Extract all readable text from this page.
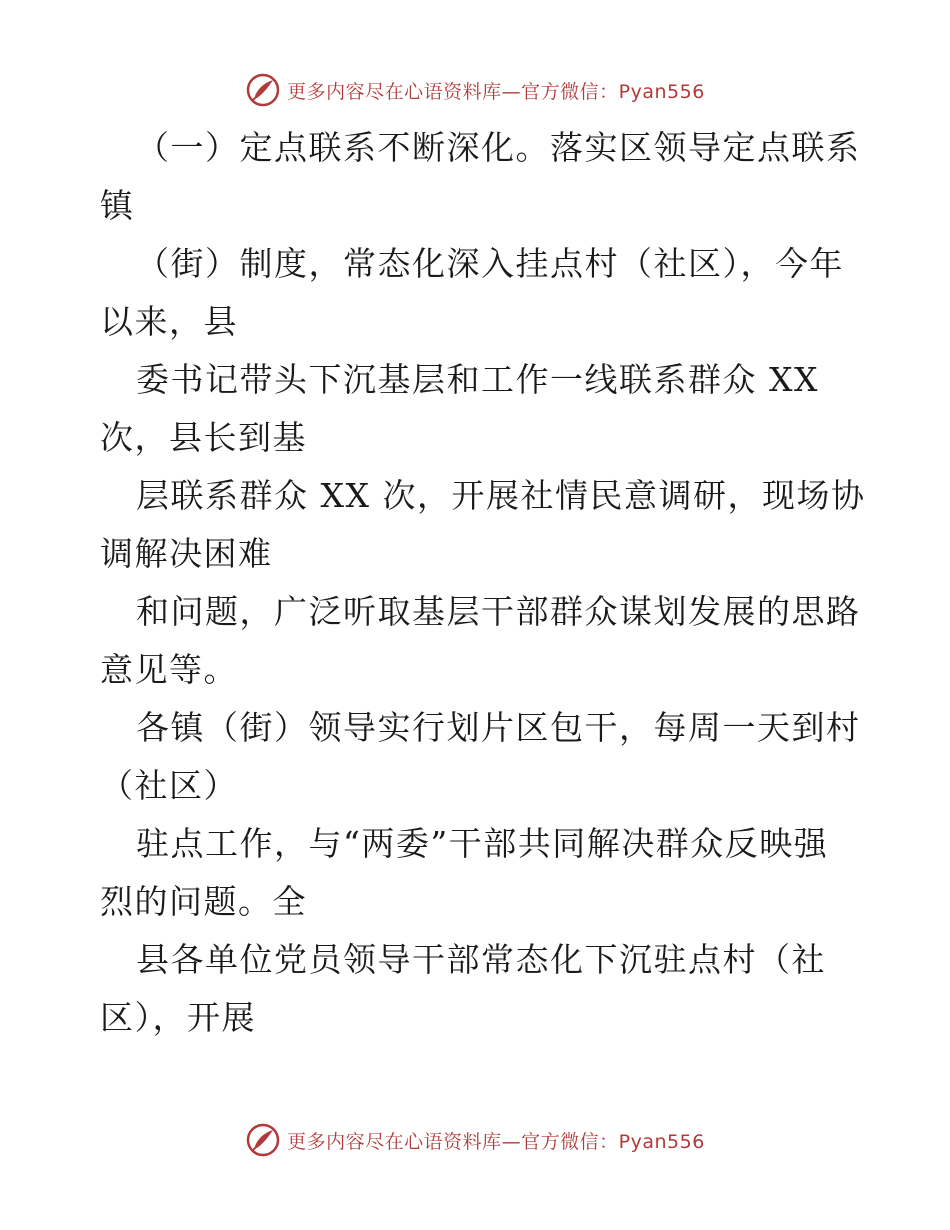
更多内容尽在心语资料库—官方微信：Pyan556
（一）定点联系不断深化。落实区领导定点联系
镇
（街）制度，常态化深入挂点村（社区），今年
以来，县
委书记带头下沉基层和工作一线联系群众 XX
次，县长到基
层联系群众 XX 次，开展社情民意调研，现场协
调解决困难
和问题，广泛听取基层干部群众谋划发展的思路
意见等。
各镇（街）领导实行划片区包干，每周一天到村
（社区）
驻点工作，与“两委”干部共同解决群众反映强
烈的问题。全
县各单位党员领导干部常态化下沉驻点村（社
区），开展
更多内容尽在心语资料库—官方微信：Pyan556
